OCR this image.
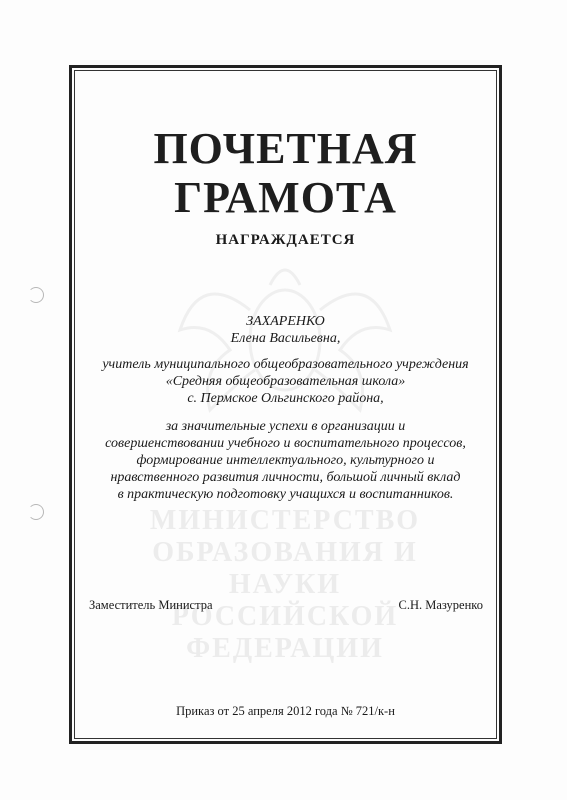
МИНИСТЕРСТВО
ОБРАЗОВАНИЯ И НАУКИ
РОССИЙСКОЙ ФЕДЕРАЦИИ
ПОЧЕТНАЯ
ГРАМОТА
НАГРАЖДАЕТСЯ
ЗАХАРЕНКО
Елена Васильевна,
учитель муниципального общеобразовательного учреждения
«Средняя общеобразовательная школа»
с. Пермское Ольгинского района,
за значительные успехи в организации и
совершенствовании учебного и воспитательного процессов,
формирование интеллектуального, культурного и
нравственного развития личности, большой личный вклад
в практическую подготовку учащихся и воспитанников.
Заместитель Министра	С.Н. Мазуренко
Приказ от 25 апреля 2012 года № 721/к-н
